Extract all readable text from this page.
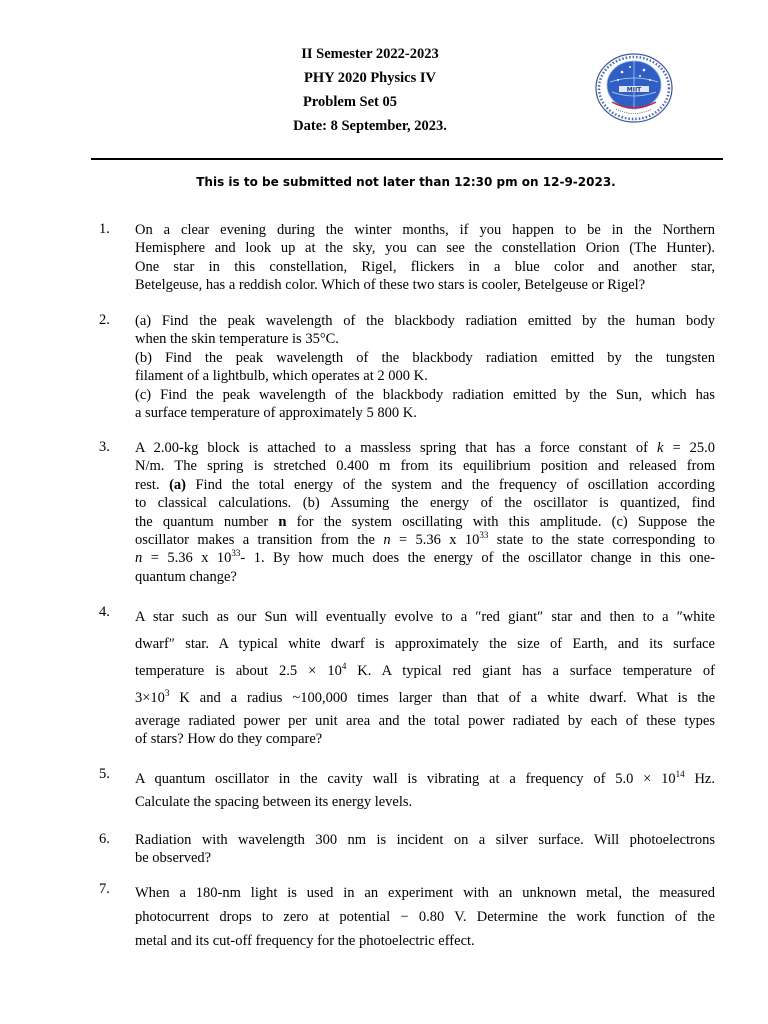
II Semester 2022-2023
PHY 2020 Physics IV
Problem Set 05
Date: 8 September, 2023.
MIIT
This is to be submitted not later than 12:30 pm on 12-9-2023.
1. On a clear evening during the winter months, if you happen to be in the Northern
Hemisphere and look up at the sky, you can see the constellation Orion (The Hunter).
One star in this constellation, Rigel, flickers in a blue color and another star,
Betelgeuse, has a reddish color. Which of these two stars is cooler, Betelgeuse or Rigel?
2. (a) Find the peak wavelength of the blackbody radiation emitted by the human body
when the skin temperature is 35°C.
(b) Find the peak wavelength of the blackbody radiation emitted by the tungsten
filament of a lightbulb, which operates at 2 000 K.
(c) Find the peak wavelength of the blackbody radiation emitted by the Sun, which has
a surface temperature of approximately 5 800 K.
3. A 2.00-kg block is attached to a massless spring that has a force constant of k = 25.0
N/m. The spring is stretched 0.400 m from its equilibrium position and released from
rest. (a) Find the total energy of the system and the frequency of oscillation according
to classical calculations. (b) Assuming the energy of the oscillator is quantized, find
the quantum number n for the system oscillating with this amplitude. (c) Suppose the
oscillator makes a transition from the n = 5.36 x $10^{33}$ state to the state corresponding to
n = 5.36 x $10^{33}-$ 1. By how much does the energy of the oscillator change in this one-
quantum change?
4. A star such as our Sun will eventually evolve to a ″red giant″ star and then to a ″white
dwarf″ star. A typical white dwarf is approximately the size of Earth, and its surface
temperature is about $2.5 \times 10^4$ K. A typical red giant has a surface temperature of
$3\times 10^3$ K and a radius ~100,000 times larger than that of a white dwarf. What is the
average radiated power per unit area and the total power radiated by each of these types
of stars? How do they compare?
5. A quantum oscillator in the cavity wall is vibrating at a frequency of $5.0 \times 10^{14}$ Hz.
Calculate the spacing between its energy levels.
6. Radiation with wavelength 300 nm is incident on a silver surface. Will photoelectrons
be observed?
7. When a 180-nm light is used in an experiment with an unknown metal, the measured
photocurrent drops to zero at potential − 0.80 V. Determine the work function of the
metal and its cut-off frequency for the photoelectric effect.
